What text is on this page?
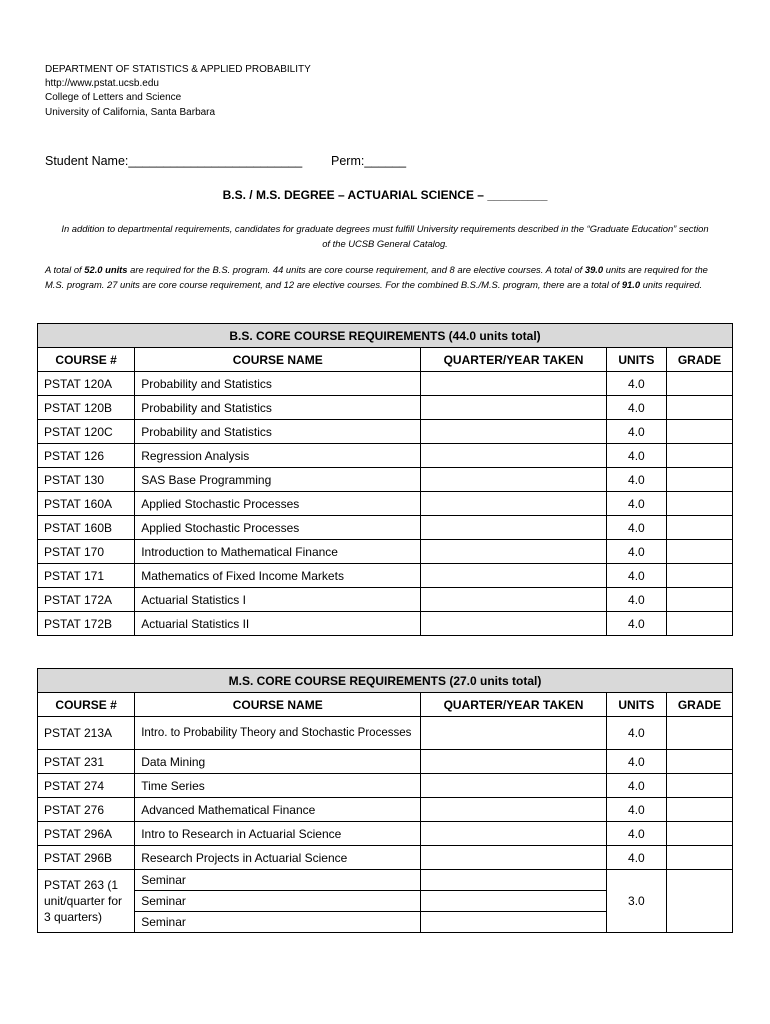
DEPARTMENT OF STATISTICS & APPLIED PROBABILITY
http://www.pstat.ucsb.edu
College of Letters and Science
University of California, Santa Barbara
Student Name:_________________________ Perm:______
B.S. / M.S. DEGREE – ACTUARIAL SCIENCE – _________
In addition to departmental requirements, candidates for graduate degrees must fulfill University requirements described in the “Graduate Education” section of the UCSB General Catalog.
A total of 52.0 units are required for the B.S. program. 44 units are core course requirement, and 8 are elective courses. A total of 39.0 units are required for the M.S. program. 27 units are core course requirement, and 12 are elective courses. For the combined B.S./M.S. program, there are a total of 91.0 units required.
B.S. CORE COURSE REQUIREMENTS (44.0 units total)				
COURSE #	COURSE NAME	QUARTER/YEAR TAKEN	UNITS	GRADE
PSTAT 120A	Probability and Statistics		4.0	
PSTAT 120B	Probability and Statistics		4.0	
PSTAT 120C	Probability and Statistics		4.0	
PSTAT 126	Regression Analysis		4.0	
PSTAT 130	SAS Base Programming		4.0	
PSTAT 160A	Applied Stochastic Processes		4.0	
PSTAT 160B	Applied Stochastic Processes		4.0	
PSTAT 170	Introduction to Mathematical Finance		4.0	
PSTAT 171	Mathematics of Fixed Income Markets		4.0	
PSTAT 172A	Actuarial Statistics I		4.0	
PSTAT 172B	Actuarial Statistics II		4.0	
M.S. CORE COURSE REQUIREMENTS (27.0 units total)				
COURSE #	COURSE NAME	QUARTER/YEAR TAKEN	UNITS	GRADE
PSTAT 213A	Intro. to Probability Theory and Stochastic Processes		4.0	
PSTAT 231	Data Mining		4.0	
PSTAT 274	Time Series		4.0	
PSTAT 276	Advanced Mathematical Finance		4.0	
PSTAT 296A	Intro to Research in Actuarial Science		4.0	
PSTAT 296B	Research Projects in Actuarial Science		4.0	
PSTAT 263 (1 unit/quarter for 3 quarters)	Seminar		3.0	
	Seminar			
	Seminar			
